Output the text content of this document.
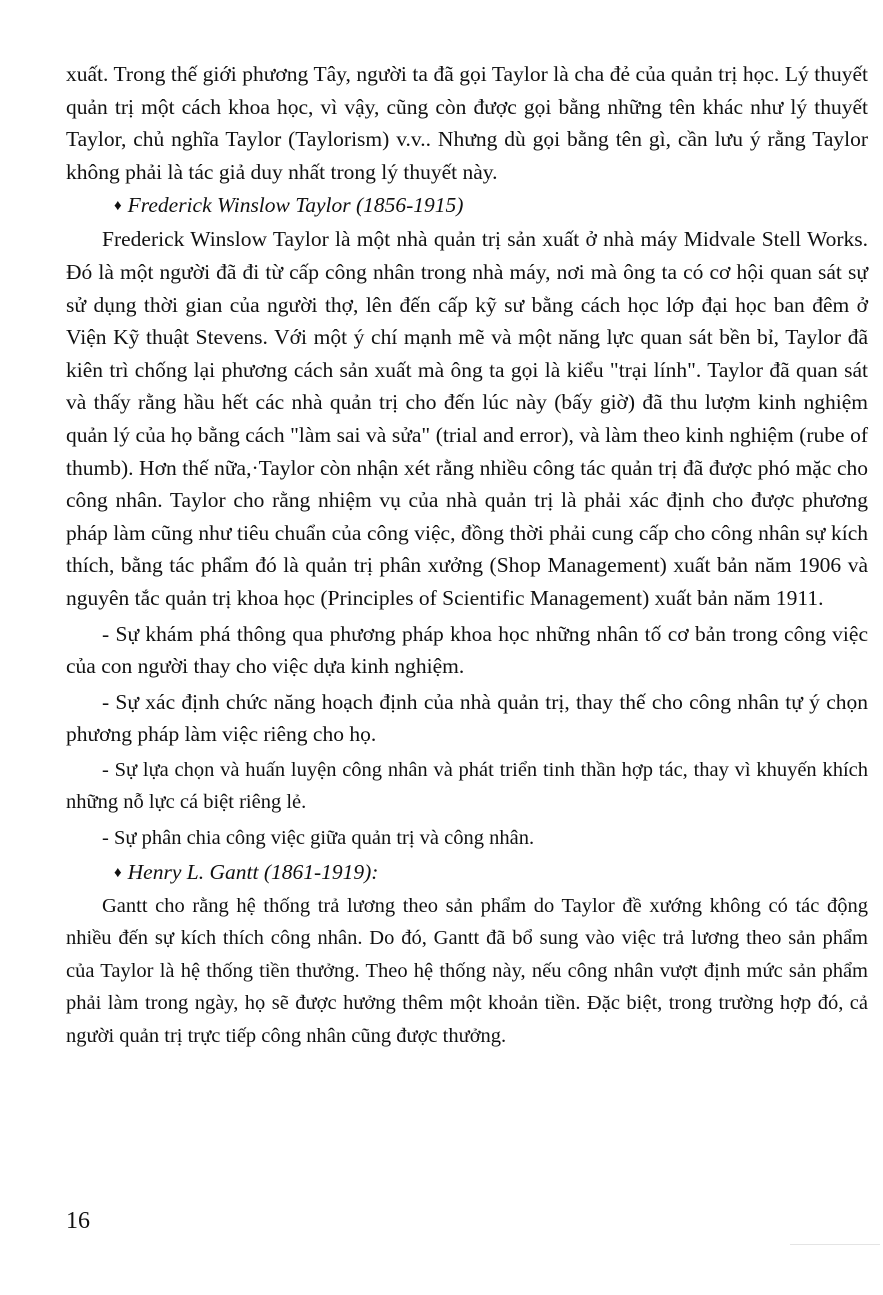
xuất. Trong thế giới phương Tây, người ta đã gọi Taylor là cha đẻ của quản trị học. Lý thuyết quản trị một cách khoa học, vì vậy, cũng còn được gọi bằng những tên khác như lý thuyết Taylor, chủ nghĩa Taylor (Taylorism) v.v.. Nhưng dù gọi bằng tên gì, cần lưu ý rằng Taylor không phải là tác giả duy nhất trong lý thuyết này.

♦ Frederick Winslow Taylor (1856-1915)

Frederick Winslow Taylor là một nhà quản trị sản xuất ở nhà máy Midvale Stell Works. Đó là một người đã đi từ cấp công nhân trong nhà máy, nơi mà ông ta có cơ hội quan sát sự sử dụng thời gian của người thợ, lên đến cấp kỹ sư bằng cách học lớp đại học ban đêm ở Viện Kỹ thuật Stevens. Với một ý chí mạnh mẽ và một năng lực quan sát bền bỉ, Taylor đã kiên trì chống lại phương cách sản xuất mà ông ta gọi là kiểu "trại lính". Taylor đã quan sát và thấy rằng hầu hết các nhà quản trị cho đến lúc này (bấy giờ) đã thu lượm kinh nghiệm quản lý của họ bằng cách "làm sai và sửa" (trial and error), và làm theo kinh nghiệm (rube of thumb). Hơn thế nữa,·Taylor còn nhận xét rằng nhiều công tác quản trị đã được phó mặc cho công nhân. Taylor cho rằng nhiệm vụ của nhà quản trị là phải xác định cho được phương pháp làm cũng như tiêu chuẩn của công việc, đồng thời phải cung cấp cho công nhân sự kích thích, bằng tác phẩm đó là quản trị phân xưởng (Shop Management) xuất bản năm 1906 và nguyên tắc quản trị khoa học (Principles of Scientific Management) xuất bản năm 1911.

- Sự khám phá thông qua phương pháp khoa học những nhân tố cơ bản trong công việc của con người thay cho việc dựa kinh nghiệm.

- Sự xác định chức năng hoạch định của nhà quản trị, thay thế cho công nhân tự ý chọn phương pháp làm việc riêng cho họ.

- Sự lựa chọn và huấn luyện công nhân và phát triển tinh thần hợp tác, thay vì khuyến khích những nỗ lực cá biệt riêng lẻ.

- Sự phân chia công việc giữa quản trị và công nhân.

♦ Henry L. Gantt (1861-1919):

Gantt cho rằng hệ thống trả lương theo sản phẩm do Taylor đề xướng không có tác động nhiều đến sự kích thích công nhân. Do đó, Gantt đã bổ sung vào việc trả lương theo sản phẩm của Taylor là hệ thống tiền thưởng. Theo hệ thống này, nếu công nhân vượt định mức sản phẩm phải làm trong ngày, họ sẽ được hưởng thêm một khoản tiền. Đặc biệt, trong trường hợp đó, cả người quản trị trực tiếp công nhân cũng được thưởng.

16
